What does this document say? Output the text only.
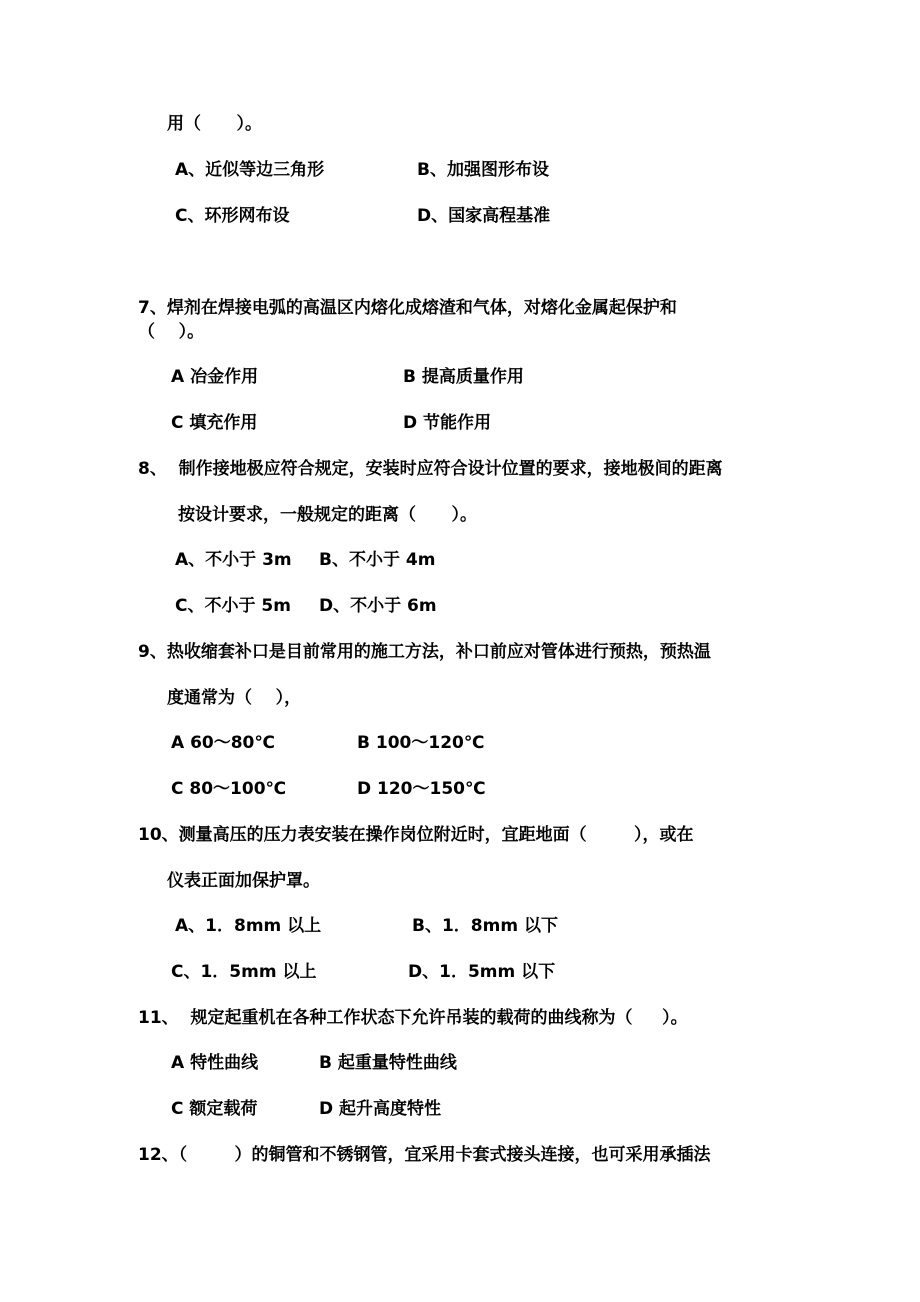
用（      ）。
A、近似等边三角形	B、加强图形布设
C、环形网布设	D、国家高程基准
7、焊剂在焊接电弧的高温区内熔化成熔渣和气体，对熔化金属起保护和
（    ）。
A 冶金作用	B 提高质量作用
C 填充作用	D 节能作用
8、  制作接地极应符合规定，安装时应符合设计位置的要求，接地极间的距离
按设计要求，一般规定的距离（      ）。
A、不小于 3m B、不小于 4m
C、不小于 5m D、不小于 6m
9、热收缩套补口是目前常用的施工方法，补口前应对管体进行预热，预热温
度通常为（    ），
A 60～80℃	B 100～120℃
C 80～100℃	D 120～150℃
10、测量高压的压力表安装在操作岗位附近时，宜距地面（        ），或在
仪表正面加保护罩。
A、1．8mm 以上	B、1．8mm 以下
C、1．5mm 以上	D、1．5mm 以下
11、  规定起重机在各种工作状态下允许吊装的载荷的曲线称为（     ）。
A 特性曲线	B 起重量特性曲线
C 额定载荷	D 起升高度特性
12、（        ）的铜管和不锈钢管，宜采用卡套式接头连接，也可采用承插法
